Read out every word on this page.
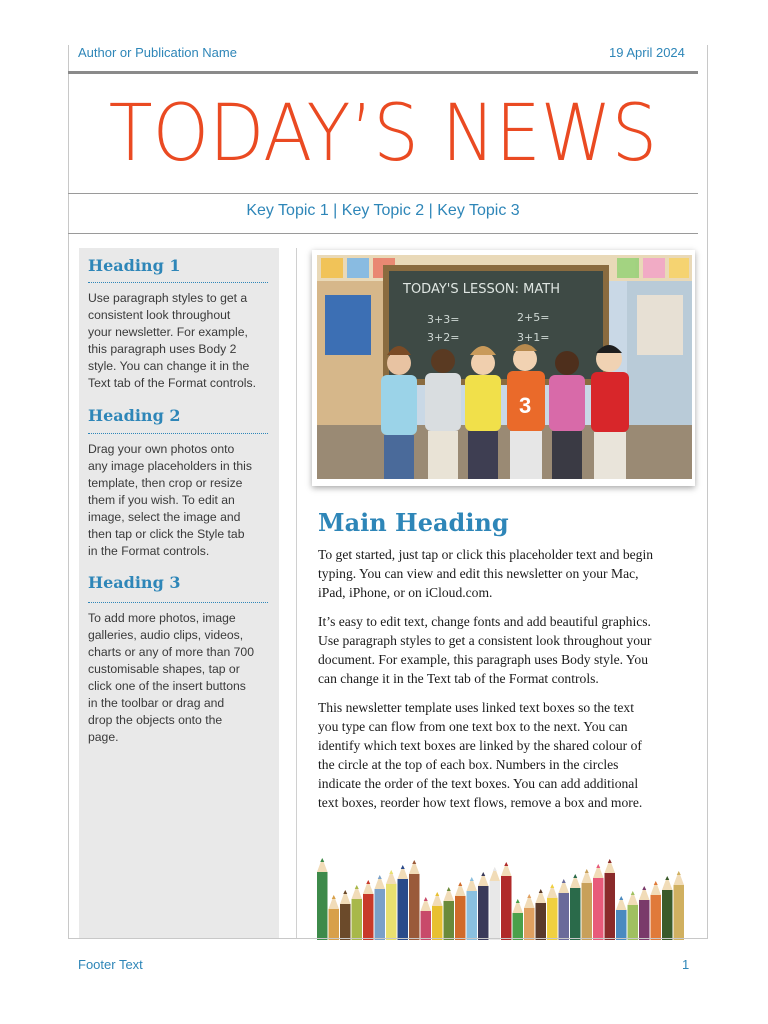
Author or Publication Name	19 April 2024
TODAY’S NEWS
Key Topic 1 | Key Topic 2 | Key Topic 3
Heading 1
Use paragraph styles to get a
consistent look throughout
your newsletter. For example,
this paragraph uses Body 2
style. You can change it in the
Text tab of the Format controls.
Heading 2
Drag your own photos onto
any image placeholders in this
template, then crop or resize
them if you wish. To edit an
image, select the image and
then tap or click the Style tab
in the Format controls.
Heading 3
To add more photos, image
galleries, audio clips, videos,
charts or any of more than 700
customisable shapes, tap or
click one of the insert buttons
in the toolbar or drag and
drop the objects onto the
page.
TODAY'S LESSON: MATH
3+3=	2+5=
3+2=	3+1=
3
Main Heading
To get started, just tap or click this placeholder text and begin
typing. You can view and edit this newsletter on your Mac,
iPad, iPhone, or on iCloud.com.
It’s easy to edit text, change fonts and add beautiful graphics.
Use paragraph styles to get a consistent look throughout your
document. For example, this paragraph uses Body style. You
can change it in the Text tab of the Format controls.
This newsletter template uses linked text boxes so the text
you type can flow from one text box to the next. You can
identify which text boxes are linked by the shared colour of
the circle at the top of each box. Numbers in the circles
indicate the order of the text boxes. You can add additional
text boxes, reorder how text flows, remove a box and more.
Footer Text	1
